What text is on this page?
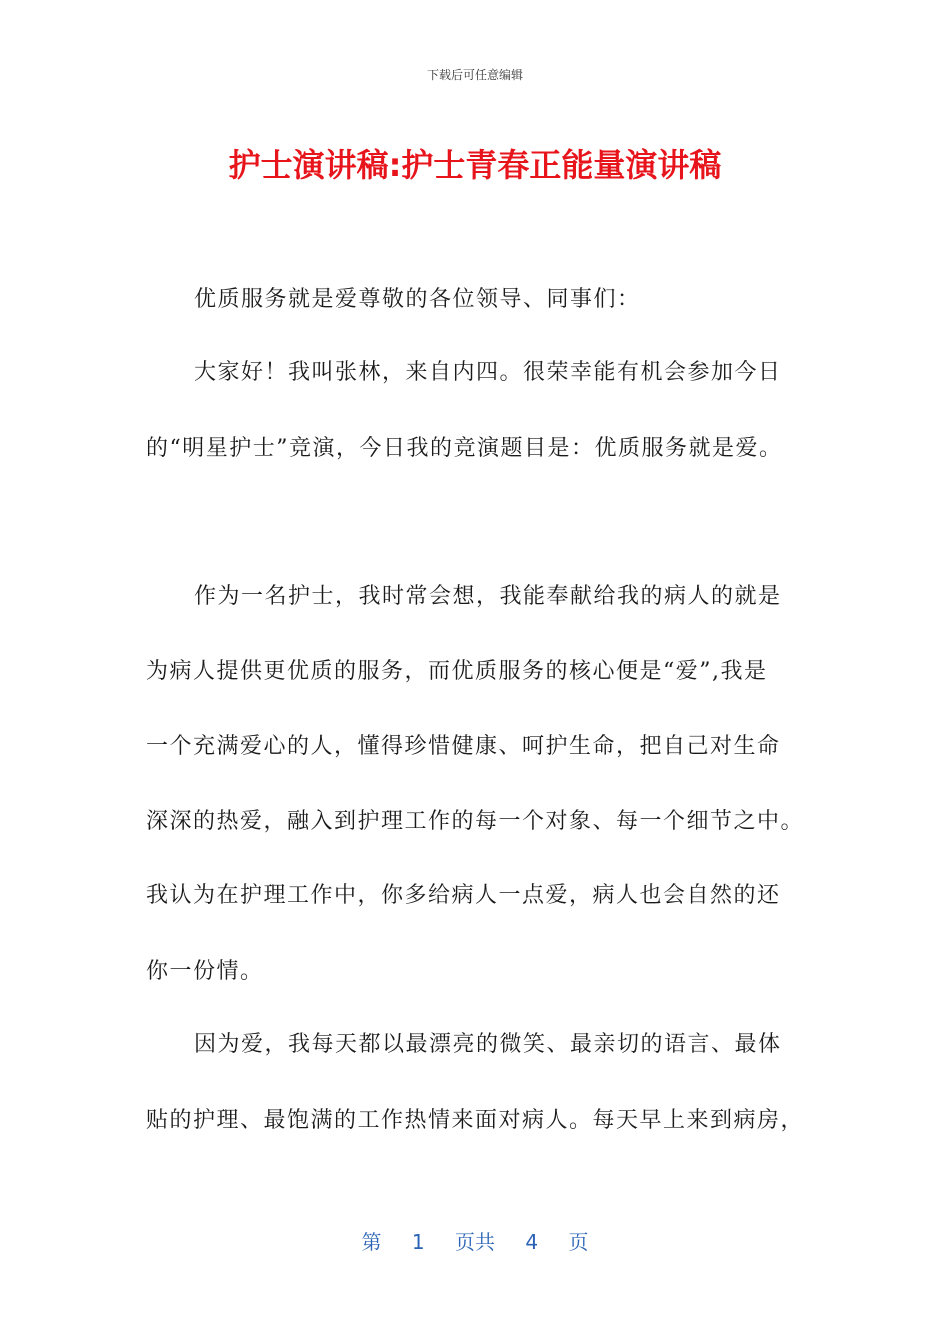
下载后可任意编辑
护士演讲稿:护士青春正能量演讲稿
优质服务就是爱尊敬的各位领导、同事们：
大家好！我叫张林，来自内四。很荣幸能有机会参加今日
的“明星护士”竞演，今日我的竞演题目是：优质服务就是爱。
作为一名护士，我时常会想，我能奉献给我的病人的就是
为病人提供更优质的服务，而优质服务的核心便是“爱”,我是
一个充满爱心的人，懂得珍惜健康、呵护生命，把自己对生命
深深的热爱，融入到护理工作的每一个对象、每一个细节之中。
我认为在护理工作中，你多给病人一点爱，病人也会自然的还
你一份情。
因为爱，我每天都以最漂亮的微笑、最亲切的语言、最体
贴的护理、最饱满的工作热情来面对病人。每天早上来到病房，
第 1 页共 4 页
